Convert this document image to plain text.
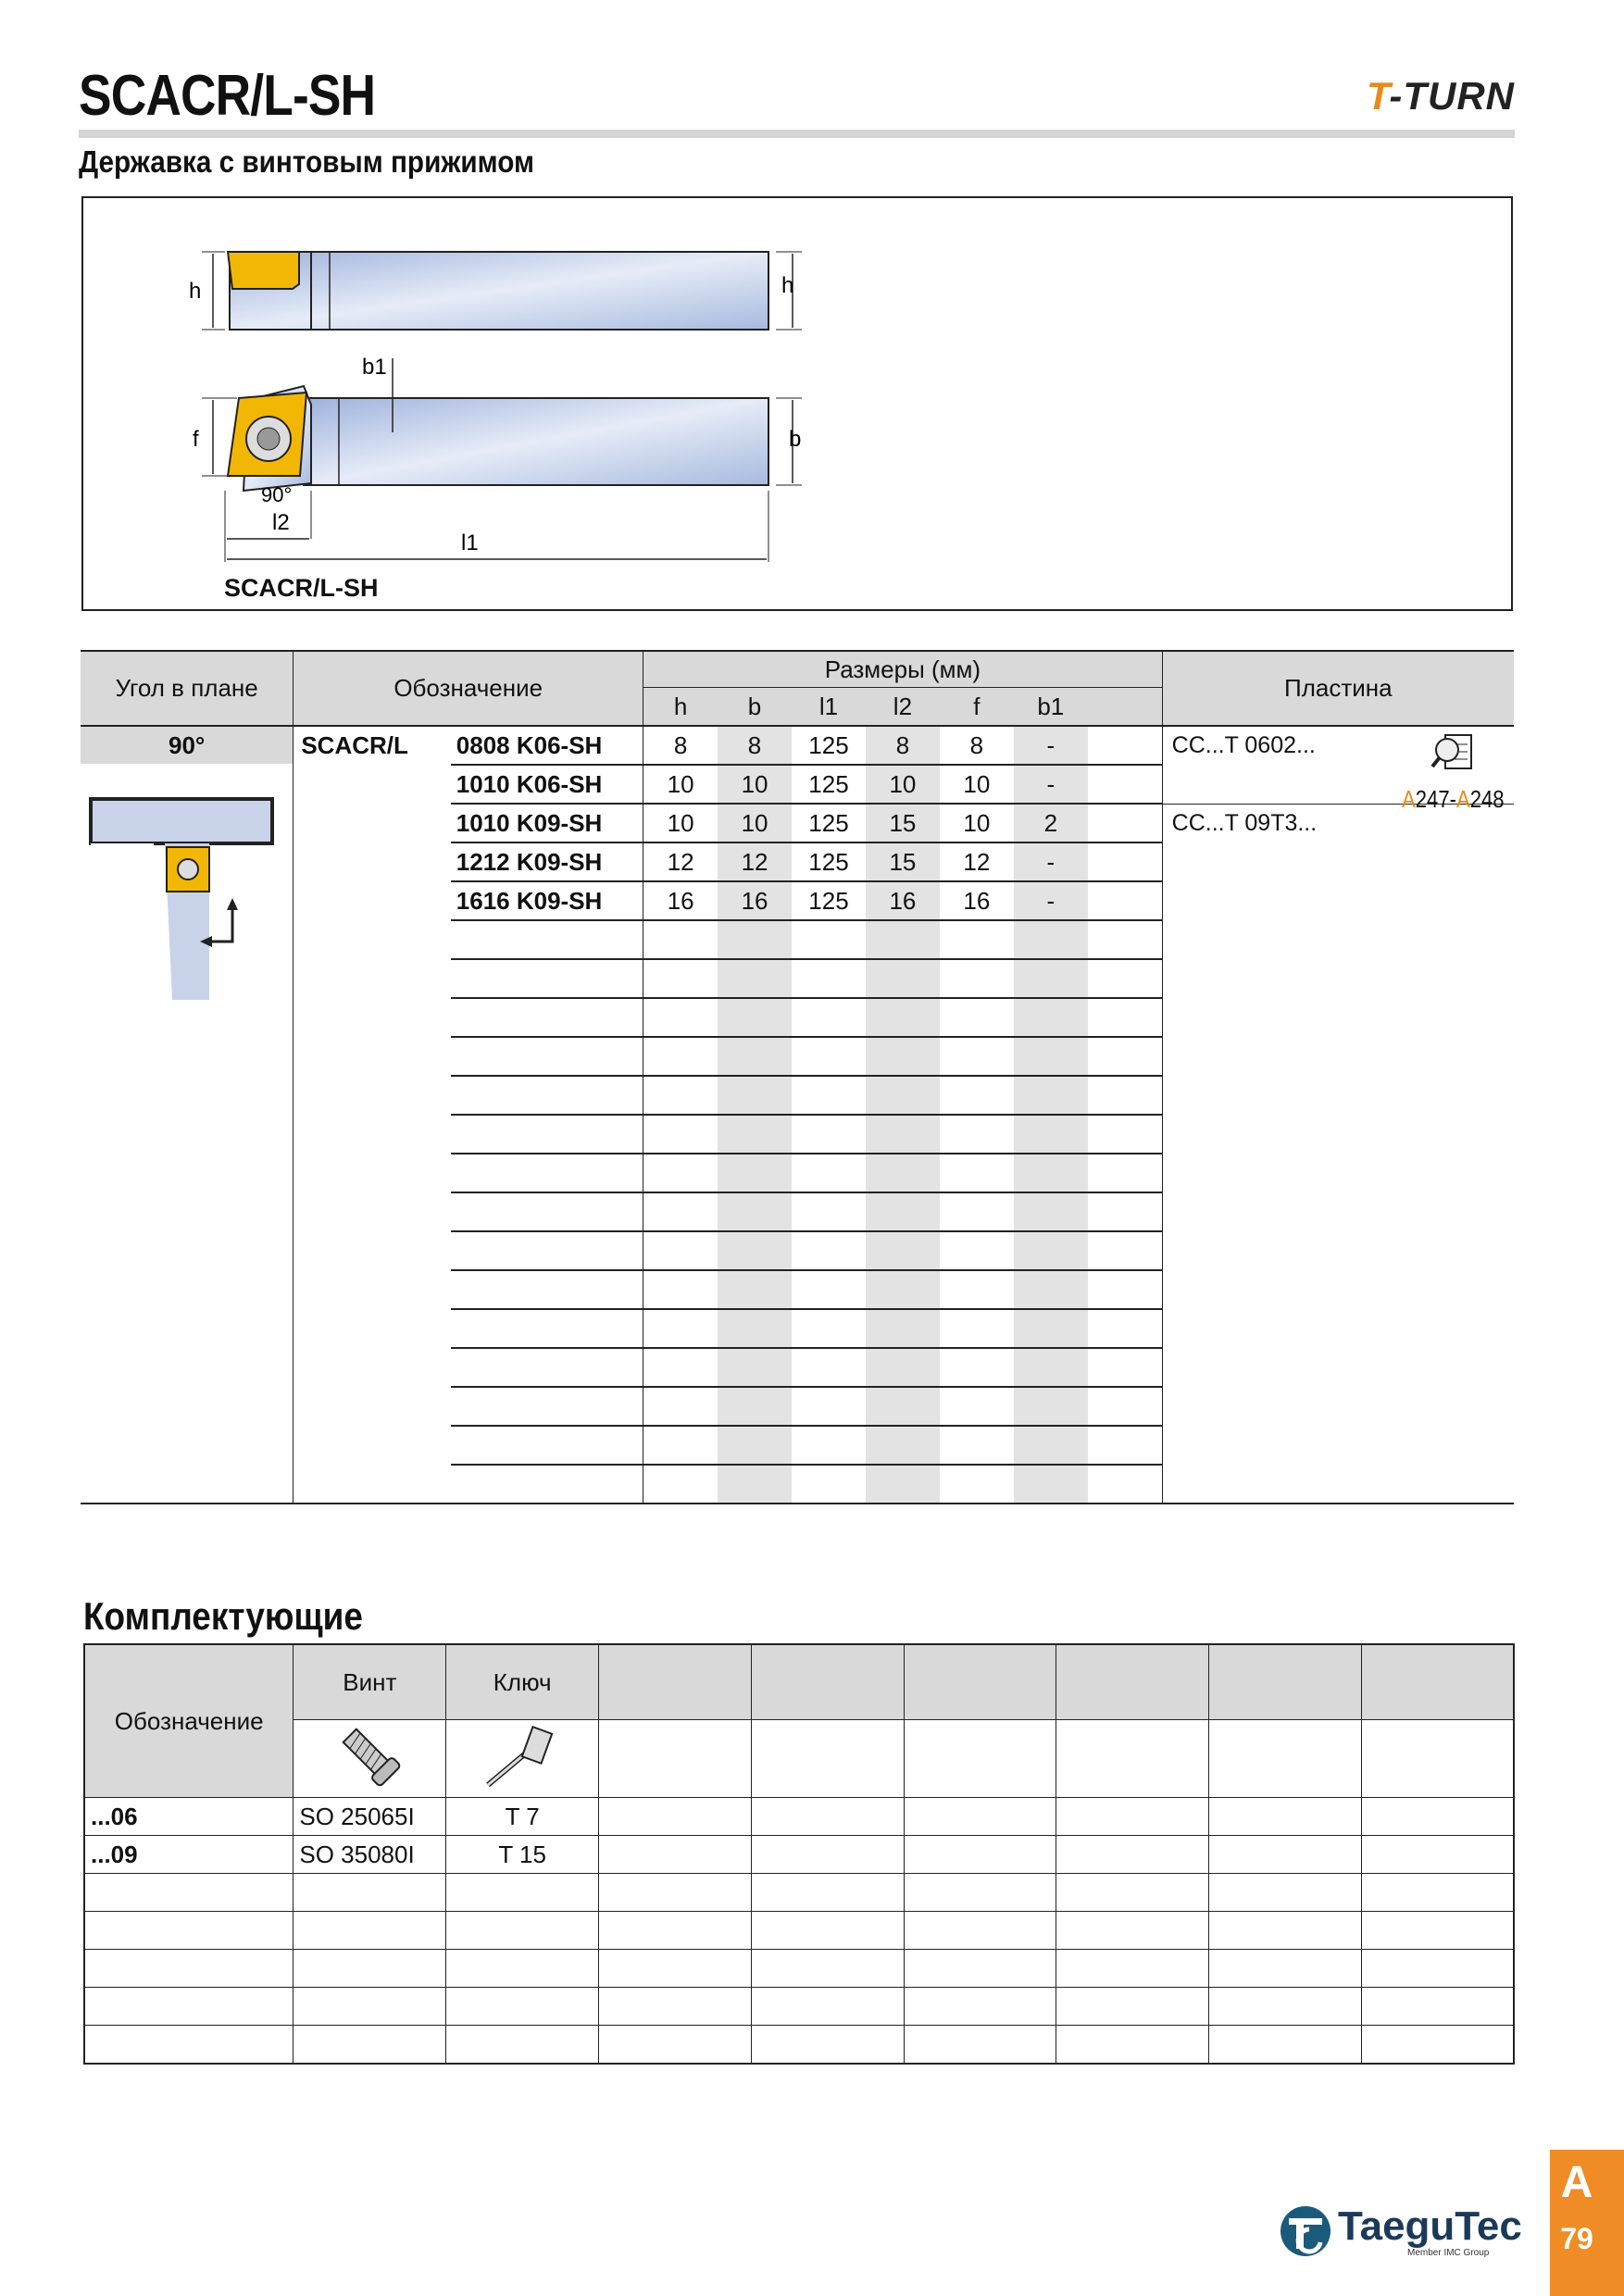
SCACR/L-SH	T-TURN
Державка с винтовым прижимом
h	h
f	b
b1
90°
l2
l1
SCACR/L-SH
Угол в плане	Обозначение		Размеры (мм)							Пластина
			h	b	l1	l2	f	b1		

90°	SCACR/L	0808 K06-SH	8	8	125	8	8	-		CC...T 0602...
		1010 K06-SH	10	10	125	10	10	-		
		1010 K09-SH	10	10	125	15	10	2		CC...T 09T3...
		1212 K09-SH	12	12	125	15	12	-		
		1616 K09-SH	16	16	125	16	16	-		

A247-A248
Комплектующие
Обозначение	Винт	Ключ						

...06	SO 25065I	T 7						
...09	SO 35080I	T 15						

TaeguTec
Member IMC Group
A
79
